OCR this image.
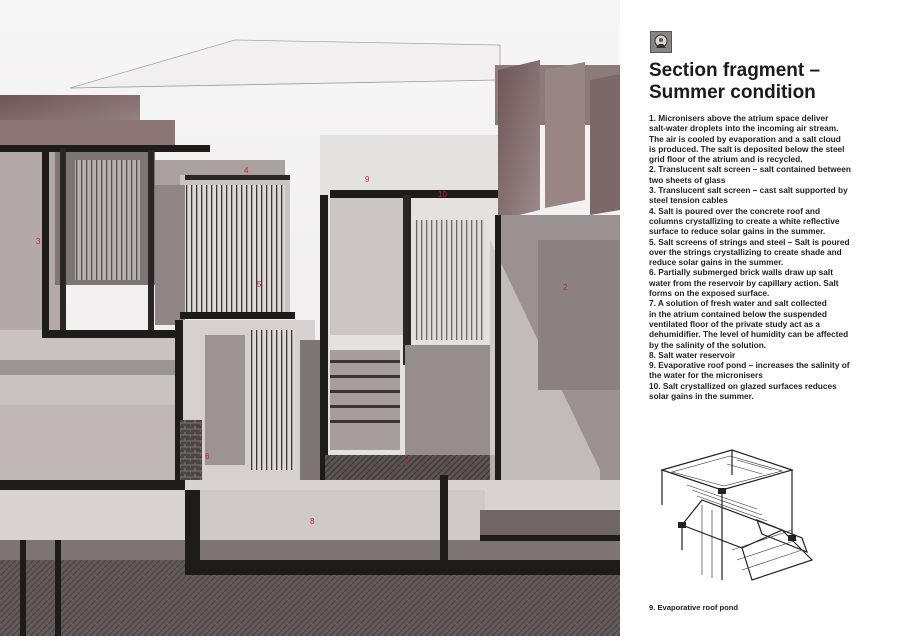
3
4
5
6
7
8
9
10
2
Section fragment –
Summer condition
1. Micronisers above the atrium space deliver
salt-water droplets into the incoming air stream.
The air is cooled by evaporation and a salt cloud
is produced. The salt is deposited below the steel
grid floor of the atrium and is recycled.
2. Translucent salt screen – salt contained between
two sheets of glass
3. Translucent salt screen – cast salt supported by
steel tension cables
4. Salt is poured over the concrete roof and
columns crystallizing to create a white reflective
surface to reduce solar gains in the summer.
5. Salt screens of strings and steel – Salt is poured
over the strings crystallizing to create shade and
reduce solar gains in the summer.
6. Partially submerged brick walls draw up salt
water from the reservoir by capillary action. Salt
forms on the exposed surface.
7. A solution of fresh water and salt collected
in the atrium contained below the suspended
ventilated floor of the private study act as a
dehumidifier. The level of humidity can be affected
by the salinity of the solution.
8. Salt water reservoir
9. Evaporative roof pond – increases the salinity of
the water for the micronisers
10. Salt crystallized on glazed surfaces reduces
solar gains in the summer.
9. Evaporative roof pond
